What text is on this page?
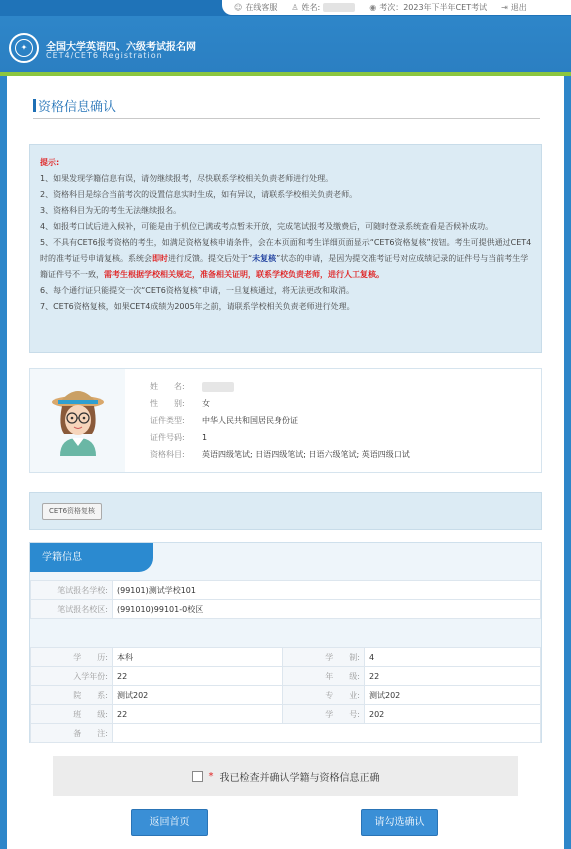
☺ 在线客服 ♙ 姓名:	◉ 考次：2023年下半年CET考试 ⇥ 退出
✦	全国大学英语四、六级考试报名网
CET4/CET6 Registration
资格信息确认

提示:

1、如果发现学籍信息有误，请勿继续报考，尽快联系学校相关负责老师进行处理。

2、资格科目是综合当前考次的设置信息实时生成，如有异议，请联系学校相关负责老师。

3、资格科目为无的考生无法继续报名。

4、如报考口试后进入候补，可能是由于机位已满或考点暂未开放，完成笔试报考及缴费后，可随时登录系统查看是否候补成功。

5、不具有CET6报考资格的考生，如满足资格复核申请条件，会在本页面和考生详细页面显示“CET6资格复核”按钮。考生可提供通过CET4时的准考证号申请复核。系统会即时进行反馈。提交后处于“未复核”状态的申请，是因为提交准考证号对应成绩记录的证件号与当前考生学籍证件号不一致，需考生根据学校相关规定，准备相关证明，联系学校负责老师，进行人工复核。

6、每个通行证只能提交一次“CET6资格复核”申请，一旦复核通过，将无法更改和取消。

7、CET6资格复核，如果CET4成绩为2005年之前，请联系学校相关负责老师进行处理。

姓　　名:
性　　别:	女
证件类型:	中华人民共和国居民身份证
证件号码:	1
资格科目:	英语四级笔试; 日语四级笔试; 日语六级笔试; 英语四级口试
CET6资格复核
学籍信息
笔试报名学校:	(99101)测试学校101
笔试报名校区:	(991010)99101-0校区
学　　历:	本科	学　　制:	4
入学年份:	22	年　　级:	22
院　　系:	测试202	专　　业:	测试202
班　　级:	22	学　　号:	202
备　　注:			
* 我已检查并确认学籍与资格信息正确
返回首页	请勾选确认
